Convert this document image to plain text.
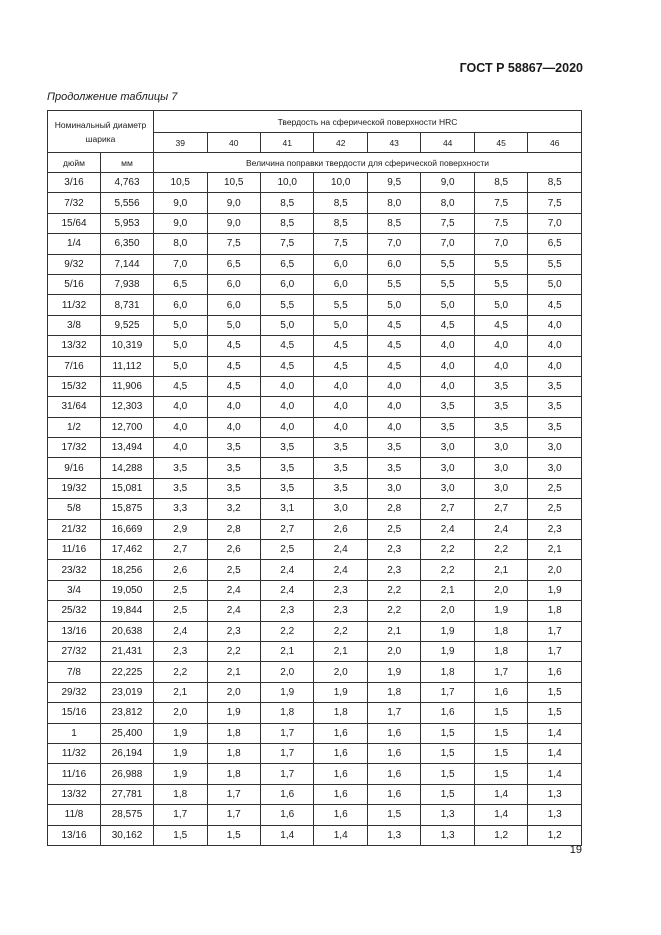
ГОСТ Р 58867—2020
Продолжение таблицы 7
Номинальный диаметр шарика		Твердость на сферической поверхности HRC							
		39	40	41	42	43	44	45	46
дюйм	мм	Величина поправки твердости для сферической поверхности							
3/16	4,763	10,5	10,5	10,0	10,0	9,5	9,0	8,5	8,5
7/32	5,556	9,0	9,0	8,5	8,5	8,0	8,0	7,5	7,5
15/64	5,953	9,0	9,0	8,5	8,5	8,5	7,5	7,5	7,0
1/4	6,350	8,0	7,5	7,5	7,5	7,0	7,0	7,0	6,5
9/32	7,144	7,0	6,5	6,5	6,0	6,0	5,5	5,5	5,5
5/16	7,938	6,5	6,0	6,0	6,0	5,5	5,5	5,5	5,0
11/32	8,731	6,0	6,0	5,5	5,5	5,0	5,0	5,0	4,5
3/8	9,525	5,0	5,0	5,0	5,0	4,5	4,5	4,5	4,0
13/32	10,319	5,0	4,5	4,5	4,5	4,5	4,0	4,0	4,0
7/16	11,112	5,0	4,5	4,5	4,5	4,5	4,0	4,0	4,0
15/32	11,906	4,5	4,5	4,0	4,0	4,0	4,0	3,5	3,5
31/64	12,303	4,0	4,0	4,0	4,0	4,0	3,5	3,5	3,5
1/2	12,700	4,0	4,0	4,0	4,0	4,0	3,5	3,5	3,5
17/32	13,494	4,0	3,5	3,5	3,5	3,5	3,0	3,0	3,0
9/16	14,288	3,5	3,5	3,5	3,5	3,5	3,0	3,0	3,0
19/32	15,081	3,5	3,5	3,5	3,5	3,0	3,0	3,0	2,5
5/8	15,875	3,3	3,2	3,1	3,0	2,8	2,7	2,7	2,5
21/32	16,669	2,9	2,8	2,7	2,6	2,5	2,4	2,4	2,3
11/16	17,462	2,7	2,6	2,5	2,4	2,3	2,2	2,2	2,1
23/32	18,256	2,6	2,5	2,4	2,4	2,3	2,2	2,1	2,0
3/4	19,050	2,5	2,4	2,4	2,3	2,2	2,1	2,0	1,9
25/32	19,844	2,5	2,4	2,3	2,3	2,2	2,0	1,9	1,8
13/16	20,638	2,4	2,3	2,2	2,2	2,1	1,9	1,8	1,7
27/32	21,431	2,3	2,2	2,1	2,1	2,0	1,9	1,8	1,7
7/8	22,225	2,2	2,1	2,0	2,0	1,9	1,8	1,7	1,6
29/32	23,019	2,1	2,0	1,9	1,9	1,8	1,7	1,6	1,5
15/16	23,812	2,0	1,9	1,8	1,8	1,7	1,6	1,5	1,5
1	25,400	1,9	1,8	1,7	1,6	1,6	1,5	1,5	1,4
11/32	26,194	1,9	1,8	1,7	1,6	1,6	1,5	1,5	1,4
11/16	26,988	1,9	1,8	1,7	1,6	1,6	1,5	1,5	1,4
13/32	27,781	1,8	1,7	1,6	1,6	1,6	1,5	1,4	1,3
11/8	28,575	1,7	1,7	1,6	1,6	1,5	1,3	1,4	1,3
13/16	30,162	1,5	1,5	1,4	1,4	1,3	1,3	1,2	1,2
19
